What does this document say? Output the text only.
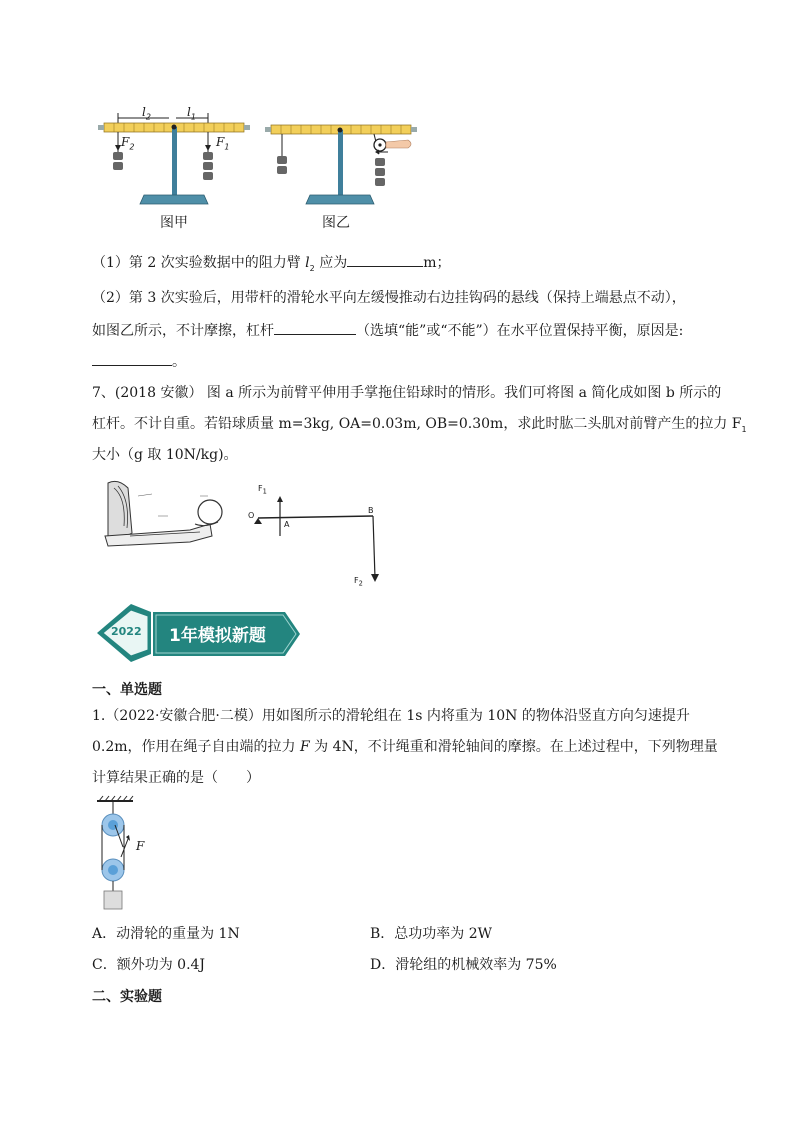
$l_2$	$l_1$
$F_2$	$F_1$
图甲	图乙
（1）第 2 次实验数据中的阻力臂 $l_2$ 应为	m；
（2）第 3 次实验后，用带杆的滑轮水平向左缓慢推动右边挂钩码的悬线（保持上端悬点不动），
如图乙所示，不计摩擦，杠杆	（选填“能”或“不能”）在水平位置保持平衡，原因是:
。
7、(2018 安徽） 图 a 所示为前臂平伸用手掌拖住铅球时的情形。我们可将图 a 简化成如图 b 所示的
杠杆。不计自重。若铅球质量 m=3kg, OA=0.03m, OB=0.30m，求此时肱二头肌对前臂产生的拉力 $F_1$
大小（g 取 10N/kg)。
$F_1$
O
A
B
$F_2$
2022 1年模拟新题
一、单选题
1.（2022·安徽合肥·二模）用如图所示的滑轮组在 1s 内将重为 10N 的物体沿竖直方向匀速提升
0.2m，作用在绳子自由端的拉力 F 为 4N，不计绳重和滑轮轴间的摩擦。在上述过程中，下列物理量
计算结果正确的是（　　）
F
A．动滑轮的重量为 1N	B．总功功率为 2W
C．额外功为 0.4J	D．滑轮组的机械效率为 75%
二、实验题
